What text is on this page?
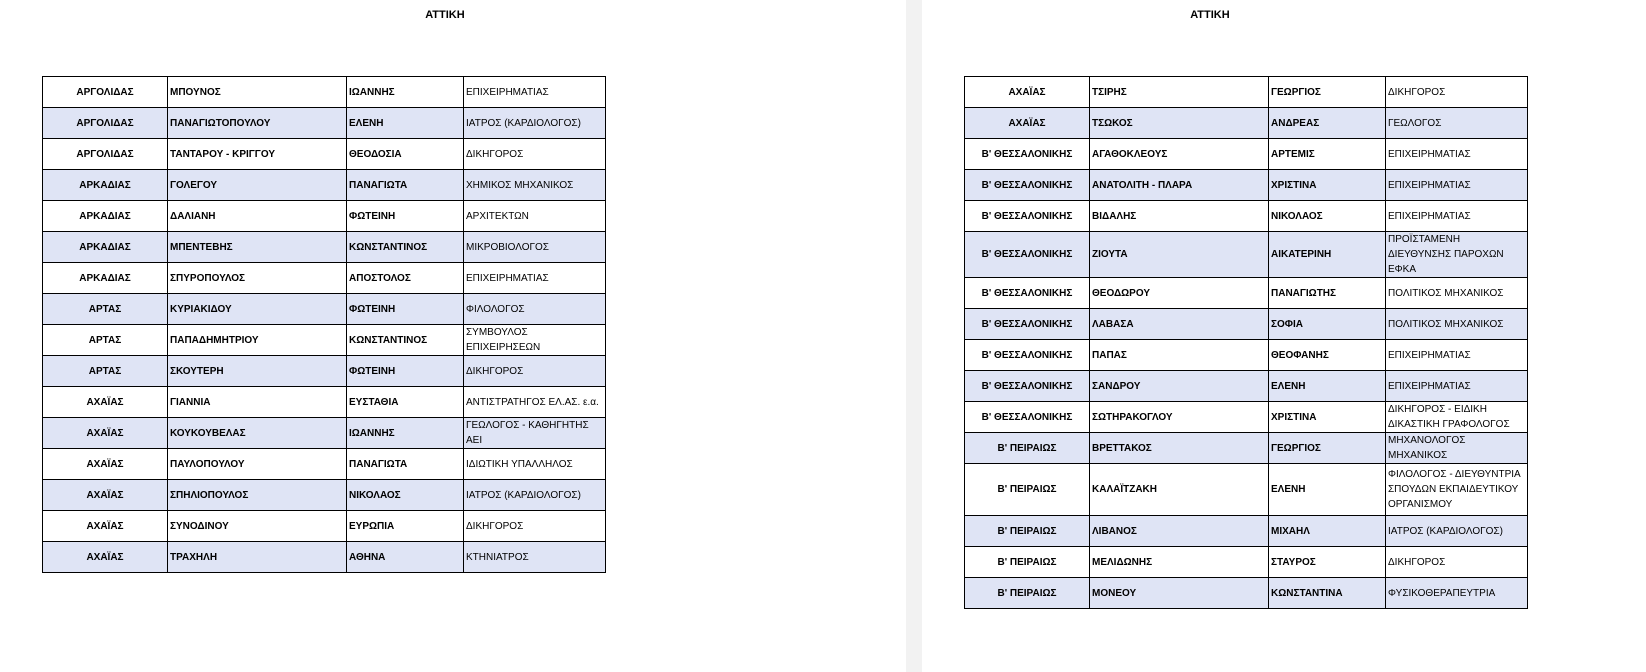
ΑΤΤΙΚΗ
ΑΡΓΟΛΙΔΑΣ	ΜΠΟΥΝΟΣ	ΙΩΑΝΝΗΣ	ΕΠΙΧΕΙΡΗΜΑΤΙΑΣ
ΑΡΓΟΛΙΔΑΣ	ΠΑΝΑΓΙΩΤΟΠΟΥΛΟΥ	ΕΛΕΝΗ	ΙΑΤΡΟΣ (ΚΑΡΔΙΟΛΟΓΟΣ)
ΑΡΓΟΛΙΔΑΣ	ΤΑΝΤΑΡΟΥ - ΚΡΙΓΓΟΥ	ΘΕΟΔΟΣΙΑ	ΔΙΚΗΓΟΡΟΣ
ΑΡΚΑΔΙΑΣ	ΓΟΛΕΓΟΥ	ΠΑΝΑΓΙΩΤΑ	ΧΗΜΙΚΟΣ ΜΗΧΑΝΙΚΟΣ
ΑΡΚΑΔΙΑΣ	ΔΑΛΙΑΝΗ	ΦΩΤΕΙΝΗ	ΑΡΧΙΤΕΚΤΩΝ
ΑΡΚΑΔΙΑΣ	ΜΠΕΝΤΕΒΗΣ	ΚΩΝΣΤΑΝΤΙΝΟΣ	ΜΙΚΡΟΒΙΟΛΟΓΟΣ
ΑΡΚΑΔΙΑΣ	ΣΠΥΡΟΠΟΥΛΟΣ	ΑΠΟΣΤΟΛΟΣ	ΕΠΙΧΕΙΡΗΜΑΤΙΑΣ
ΑΡΤΑΣ	ΚΥΡΙΑΚΙΔΟΥ	ΦΩΤΕΙΝΗ	ΦΙΛΟΛΟΓΟΣ
ΑΡΤΑΣ	ΠΑΠΑΔΗΜΗΤΡΙΟΥ	ΚΩΝΣΤΑΝΤΙΝΟΣ	ΣΥΜΒΟΥΛΟΣ ΕΠΙΧΕΙΡΗΣΕΩΝ
ΑΡΤΑΣ	ΣΚΟΥΤΕΡΗ	ΦΩΤΕΙΝΗ	ΔΙΚΗΓΟΡΟΣ
ΑΧΑΪΑΣ	ΓΙΑΝΝΙΑ	ΕΥΣΤΑΘΙΑ	ΑΝΤΙΣΤΡΑΤΗΓΟΣ ΕΛ.ΑΣ. ε.α.
ΑΧΑΪΑΣ	ΚΟΥΚΟΥΒΕΛΑΣ	ΙΩΑΝΝΗΣ	ΓΕΩΛΟΓΟΣ - ΚΑΘΗΓΗΤΗΣ ΑΕΙ
ΑΧΑΪΑΣ	ΠΑΥΛΟΠΟΥΛΟΥ	ΠΑΝΑΓΙΩΤΑ	ΙΔΙΩΤΙΚΗ ΥΠΑΛΛΗΛΟΣ
ΑΧΑΪΑΣ	ΣΠΗΛΙΟΠΟΥΛΟΣ	ΝΙΚΟΛΑΟΣ	ΙΑΤΡΟΣ (ΚΑΡΔΙΟΛΟΓΟΣ)
ΑΧΑΪΑΣ	ΣΥΝΟΔΙΝΟΥ	ΕΥΡΩΠΙΑ	ΔΙΚΗΓΟΡΟΣ
ΑΧΑΪΑΣ	ΤΡΑΧΗΛΗ	ΑΘΗΝΑ	ΚΤΗΝΙΑΤΡΟΣ
ΑΤΤΙΚΗ
ΑΧΑΪΑΣ	ΤΣΙΡΗΣ	ΓΕΩΡΓΙΟΣ	ΔΙΚΗΓΟΡΟΣ
ΑΧΑΪΑΣ	ΤΣΩΚΟΣ	ΑΝΔΡΕΑΣ	ΓΕΩΛΟΓΟΣ
Β' ΘΕΣΣΑΛΟΝΙΚΗΣ	ΑΓΑΘΟΚΛΕΟΥΣ	ΑΡΤΕΜΙΣ	ΕΠΙΧΕΙΡΗΜΑΤΙΑΣ
Β' ΘΕΣΣΑΛΟΝΙΚΗΣ	ΑΝΑΤΟΛΙΤΗ - ΠΛΑΡΑ	ΧΡΙΣΤΙΝΑ	ΕΠΙΧΕΙΡΗΜΑΤΙΑΣ
Β' ΘΕΣΣΑΛΟΝΙΚΗΣ	ΒΙΔΑΛΗΣ	ΝΙΚΟΛΑΟΣ	ΕΠΙΧΕΙΡΗΜΑΤΙΑΣ
Β' ΘΕΣΣΑΛΟΝΙΚΗΣ	ΖΙΟΥΤΑ	ΑΙΚΑΤΕΡΙΝΗ	ΠΡΟΪΣΤΑΜΕΝΗ ΔΙΕΥΘΥΝΣΗΣ ΠΑΡΟΧΩΝ ΕΦΚΑ
Β' ΘΕΣΣΑΛΟΝΙΚΗΣ	ΘΕΟΔΩΡΟΥ	ΠΑΝΑΓΙΩΤΗΣ	ΠΟΛΙΤΙΚΟΣ ΜΗΧΑΝΙΚΟΣ
Β' ΘΕΣΣΑΛΟΝΙΚΗΣ	ΛΑΒΑΣΑ	ΣΟΦΙΑ	ΠΟΛΙΤΙΚΟΣ ΜΗΧΑΝΙΚΟΣ
Β' ΘΕΣΣΑΛΟΝΙΚΗΣ	ΠΑΠΑΣ	ΘΕΟΦΑΝΗΣ	ΕΠΙΧΕΙΡΗΜΑΤΙΑΣ
Β' ΘΕΣΣΑΛΟΝΙΚΗΣ	ΣΑΝΔΡΟΥ	ΕΛΕΝΗ	ΕΠΙΧΕΙΡΗΜΑΤΙΑΣ
Β' ΘΕΣΣΑΛΟΝΙΚΗΣ	ΣΩΤΗΡΑΚΟΓΛΟΥ	ΧΡΙΣΤΙΝΑ	ΔΙΚΗΓΟΡΟΣ - ΕΙΔΙΚΗ ΔΙΚΑΣΤΙΚΗ ΓΡΑΦΟΛΟΓΟΣ
Β' ΠΕΙΡΑΙΩΣ	ΒΡΕΤΤΑΚΟΣ	ΓΕΩΡΓΙΟΣ	ΜΗΧΑΝΟΛΟΓΟΣ ΜΗΧΑΝΙΚΟΣ
Β' ΠΕΙΡΑΙΩΣ	ΚΑΛΑΪΤΖΑΚΗ	ΕΛΕΝΗ	ΦΙΛΟΛΟΓΟΣ - ΔΙΕΥΘΥΝΤΡΙΑ ΣΠΟΥΔΩΝ ΕΚΠΑΙΔΕΥΤΙΚΟΥ ΟΡΓΑΝΙΣΜΟΥ
Β' ΠΕΙΡΑΙΩΣ	ΛΙΒΑΝΟΣ	ΜΙΧΑΗΛ	ΙΑΤΡΟΣ (ΚΑΡΔΙΟΛΟΓΟΣ)
Β' ΠΕΙΡΑΙΩΣ	ΜΕΛΙΔΩΝΗΣ	ΣΤΑΥΡΟΣ	ΔΙΚΗΓΟΡΟΣ
Β' ΠΕΙΡΑΙΩΣ	ΜΟΝΕΟΥ	ΚΩΝΣΤΑΝΤΙΝΑ	ΦΥΣΙΚΟΘΕΡΑΠΕΥΤΡΙΑ
